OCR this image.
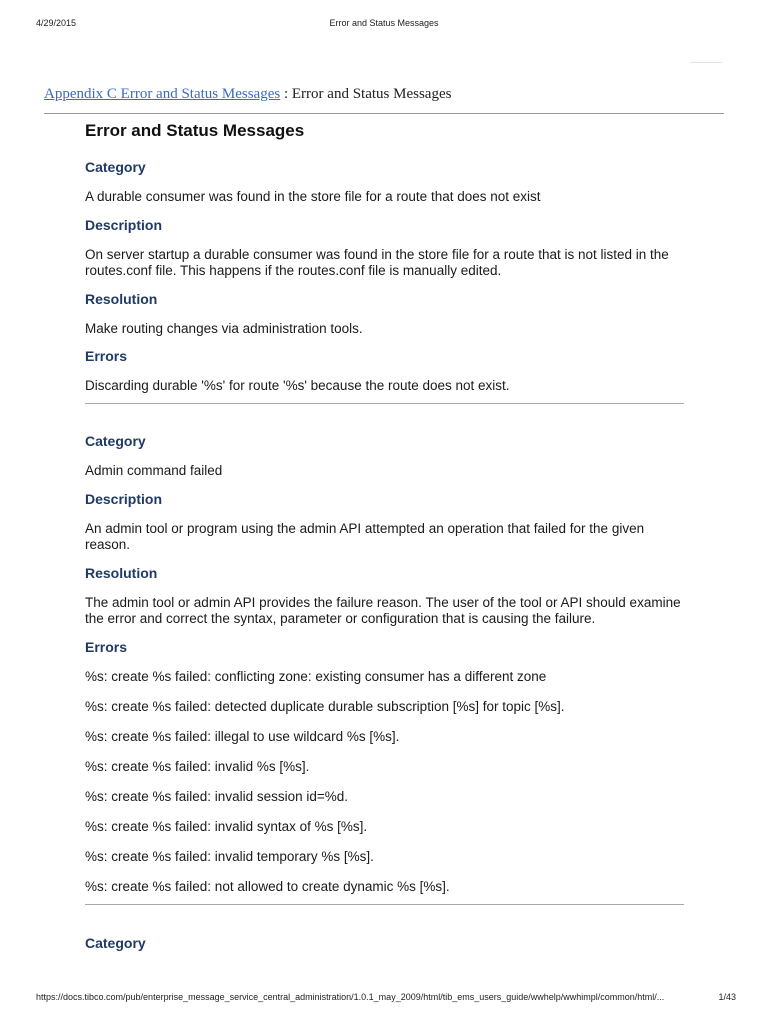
4/29/2015	Error and Status Messages
Appendix C Error and Status Messages : Error and Status Messages
Error and Status Messages
Category
A durable consumer was found in the store file for a route that does not exist
Description
On server startup a durable consumer was found in the store file for a route that is not listed in the routes.conf file. This happens if the routes.conf file is manually edited.
Resolution
Make routing changes via administration tools.
Errors
Discarding durable '%s' for route '%s' because the route does not exist.
Category
Admin command failed
Description
An admin tool or program using the admin API attempted an operation that failed for the given reason.
Resolution
The admin tool or admin API provides the failure reason. The user of the tool or API should examine the error and correct the syntax, parameter or configuration that is causing the failure.
Errors
%s: create %s failed: conflicting zone: existing consumer has a different zone
%s: create %s failed: detected duplicate durable subscription [%s] for topic [%s].
%s: create %s failed: illegal to use wildcard %s [%s].
%s: create %s failed: invalid %s [%s].
%s: create %s failed: invalid session id=%d.
%s: create %s failed: invalid syntax of %s [%s].
%s: create %s failed: invalid temporary %s [%s].
%s: create %s failed: not allowed to create dynamic %s [%s].
Category
https://docs.tibco.com/pub/enterprise_message_service_central_administration/1.0.1_may_2009/html/tib_ems_users_guide/wwhelp/wwhimpl/common/html/...	1/43
